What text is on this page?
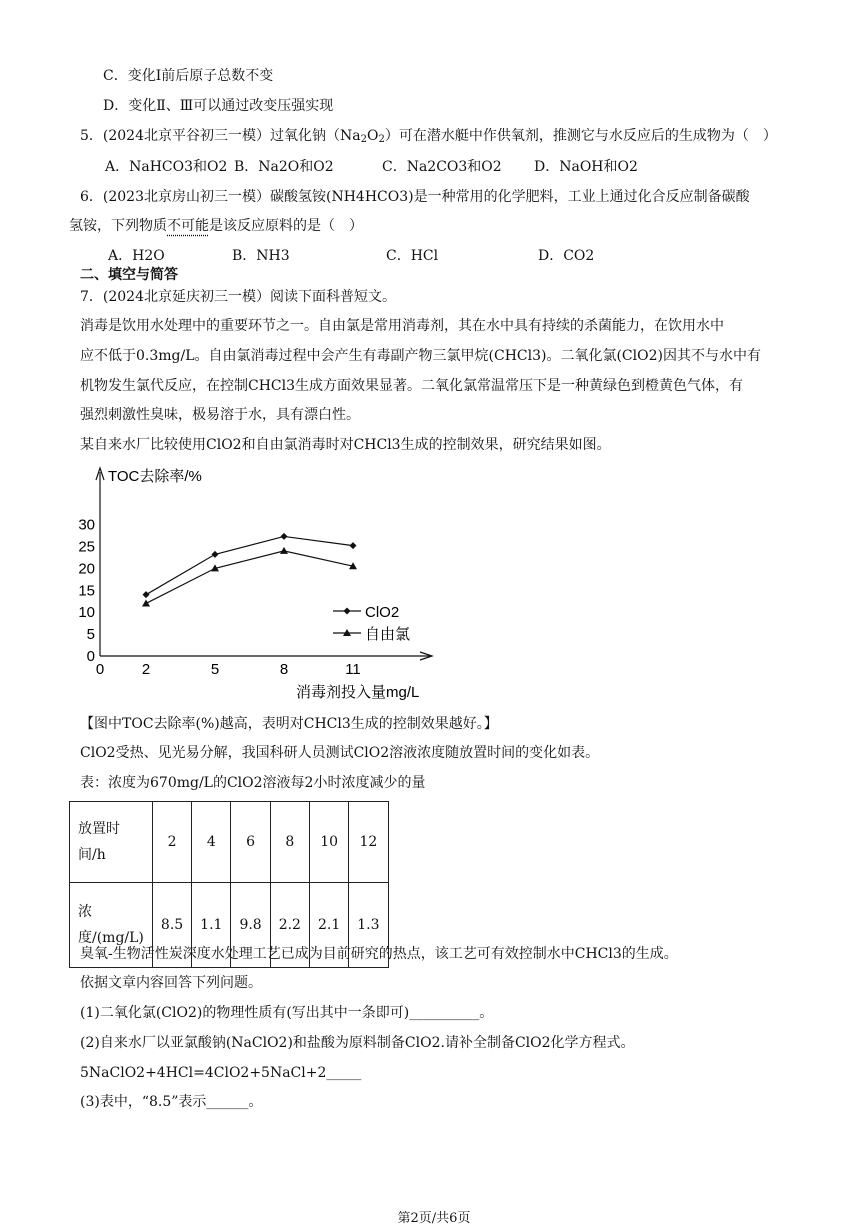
C．变化Ⅰ前后原子总数不变
D．变化Ⅱ、Ⅲ可以通过改变压强实现
5．(2024北京平谷初三一模）过氧化钠$(Na_2O_2)$可在潜水艇中作供氧剂，推测它与水反应后的生成物为（　）
A．NaHCO3和O2 B．Na2O和O2	C．Na2CO3和O2 D．NaOH和O2
6．(2023北京房山初三一模）碳酸氢铵(NH4HCO3)是一种常用的化学肥料，工业上通过化合反应制备碳酸
氢铵，下列物质不可能是该反应原料的是（　）
A．H2O	B．NH3	C．HCl	D．CO2
二、填空与简答
7．(2024北京延庆初三一模）阅读下面科普短文。
消毒是饮用水处理中的重要环节之一。自由氯是常用消毒剂，其在水中具有持续的杀菌能力，在饮用水中
应不低于0.3mg/L。自由氯消毒过程中会产生有毒副产物三氯甲烷(CHCl3)。二氧化氯(ClO2)因其不与水中有
机物发生氯代反应，在控制CHCl3生成方面效果显著。二氧化氯常温常压下是一种黄绿色到橙黄色气体，有
强烈刺激性臭味，极易溶于水，具有漂白性。
某自来水厂比较使用ClO2和自由氯消毒时对CHCl3生成的控制效果，研究结果如图。
TOC去除率/%
消毒剂投入量mg/L
0
5
10
15
20
25
30
0	2	5	8	11
ClO2
自由氯
【图中TOC去除率(%)越高，表明对CHCl3生成的控制效果越好。】
ClO2受热、见光易分解，我国科研人员测试ClO2溶液浓度随放置时间的变化如表。
表：浓度为670mg/L的ClO2溶液每2小时浓度减少的量
放置时间/h	2	4	6	8	10	12
浓度/(mg/L)	8.5	1.1	9.8	2.2	2.1	1.3
臭氧-生物活性炭深度水处理工艺已成为目前研究的热点，该工艺可有效控制水中CHCl3的生成。
依据文章内容回答下列问题。
(1)二氧化氯(ClO2)的物理性质有(写出其中一条即可)__________。
(2)自来水厂以亚氯酸钠(NaClO2)和盐酸为原料制备ClO2.请补全制备ClO2化学方程式。
5NaClO2+4HCl=4ClO2+5NaCl+2_____
(3)表中，“8.5”表示______。
第2页/共6页
